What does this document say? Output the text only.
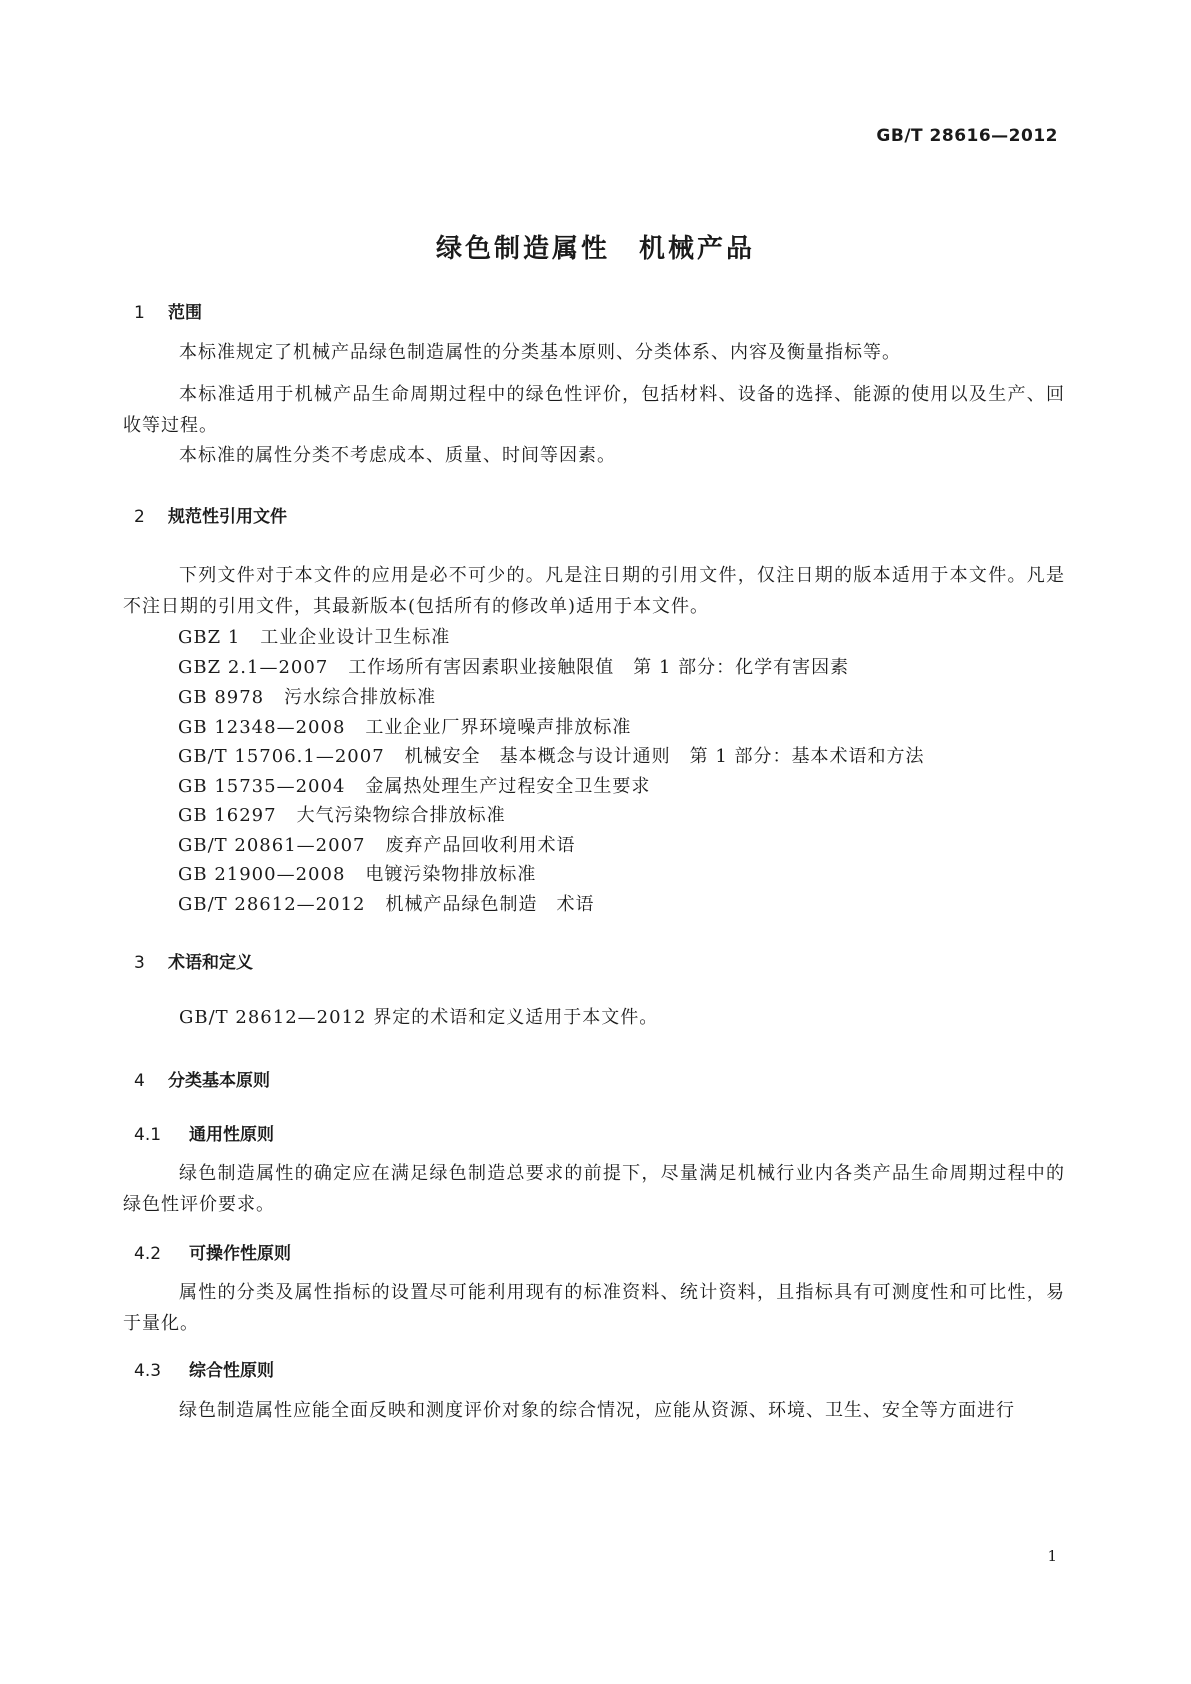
GB/T 28616—2012
绿色制造属性　机械产品
1 范围

本标准规定了机械产品绿色制造属性的分类基本原则、分类体系、内容及衡量指标等。

本标准适用于机械产品生命周期过程中的绿色性评价，包括材料、设备的选择、能源的使用以及生产、回收等过程。

本标准的属性分类不考虑成本、质量、时间等因素。

2 规范性引用文件

下列文件对于本文件的应用是必不可少的。凡是注日期的引用文件，仅注日期的版本适用于本文件。凡是不注日期的引用文件，其最新版本(包括所有的修改单)适用于本文件。

GBZ 1 工业企业设计卫生标准
GBZ 2.1—2007 工作场所有害因素职业接触限值　第 1 部分：化学有害因素
GB 8978 污水综合排放标准
GB 12348—2008 工业企业厂界环境噪声排放标准
GB/T 15706.1—2007 机械安全　基本概念与设计通则　第 1 部分：基本术语和方法
GB 15735—2004 金属热处理生产过程安全卫生要求
GB 16297 大气污染物综合排放标准
GB/T 20861—2007 废弃产品回收利用术语
GB 21900—2008 电镀污染物排放标准
GB/T 28612—2012 机械产品绿色制造　术语
3 术语和定义

GB/T 28612—2012 界定的术语和定义适用于本文件。

4 分类基本原则
4.1 通用性原则

绿色制造属性的确定应在满足绿色制造总要求的前提下，尽量满足机械行业内各类产品生命周期过程中的绿色性评价要求。

4.2 可操作性原则

属性的分类及属性指标的设置尽可能利用现有的标准资料、统计资料，且指标具有可测度性和可比性，易于量化。

4.3 综合性原则

绿色制造属性应能全面反映和测度评价对象的综合情况，应能从资源、环境、卫生、安全等方面进行

1
